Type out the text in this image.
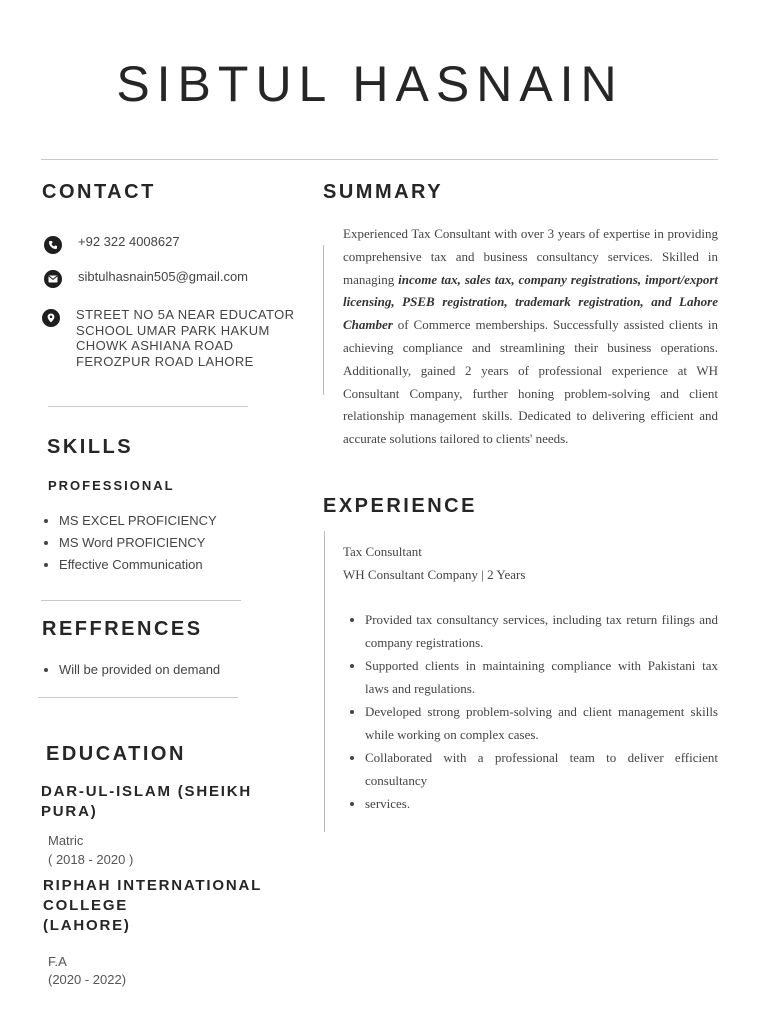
SIBTUL HASNAIN
CONTACT
+92 322 4008627
sibtulhasnain505@gmail.com
STREET NO 5A NEAR EDUCATOR SCHOOL UMAR PARK HAKUM CHOWK ASHIANA ROAD FEROZPUR ROAD LAHORE
SKILLS
PROFESSIONAL
• MS EXCEL PROFICIENCY
• MS Word PROFICIENCY
• Effective Communication
REFFRENCES
• Will be provided on demand
EDUCATION
DAR-UL-ISLAM (SHEIKH
PURA)
Matric
( 2018 - 2020 )
RIPHAH INTERNATIONAL
COLLEGE
(LAHORE)
F.A
(2020 - 2022)
SUMMARY
Experienced Tax Consultant with over 3 years of expertise in providing comprehensive tax and business consultancy services. Skilled in managing income tax, sales tax, company registrations, import/export licensing, PSEB registration, trademark registration, and Lahore Chamber of Commerce memberships. Successfully assisted clients in achieving compliance and streamlining their business operations. Additionally, gained 2 years of professional experience at WH Consultant Company, further honing problem-solving and client relationship management skills. Dedicated to delivering efficient and accurate solutions tailored to clients' needs.
EXPERIENCE
Tax Consultant
WH Consultant Company | 2 Years
• Provided tax consultancy services, including tax return filings and company registrations.
• Supported clients in maintaining compliance with Pakistani tax laws and regulations.
• Developed strong problem-solving and client management skills while working on complex cases.
• Collaborated with a professional team to deliver efficient consultancy
• services.
